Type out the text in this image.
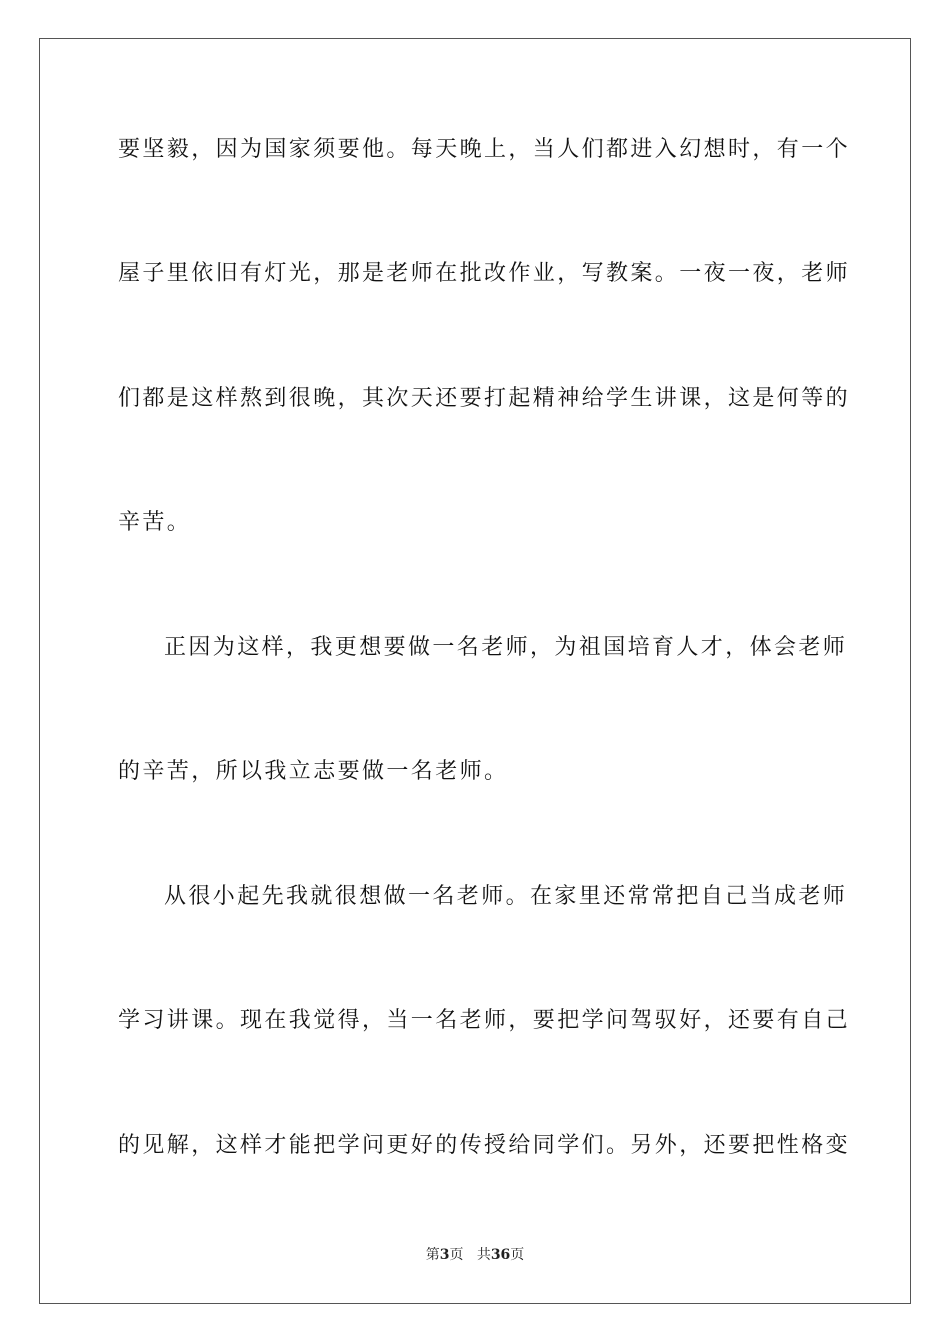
要坚毅，因为国家须要他。每天晚上，当人们都进入幻想时，有一个
屋子里依旧有灯光，那是老师在批改作业，写教案。一夜一夜，老师
们都是这样熬到很晚，其次天还要打起精神给学生讲课，这是何等的
辛苦。
正因为这样，我更想要做一名老师，为祖国培育人才，体会老师
的辛苦，所以我立志要做一名老师。
从很小起先我就很想做一名老师。在家里还常常把自己当成老师
学习讲课。现在我觉得，当一名老师，要把学问驾驭好，还要有自己
的见解，这样才能把学问更好的传授给同学们。另外，还要把性格变
第3页 共36页
